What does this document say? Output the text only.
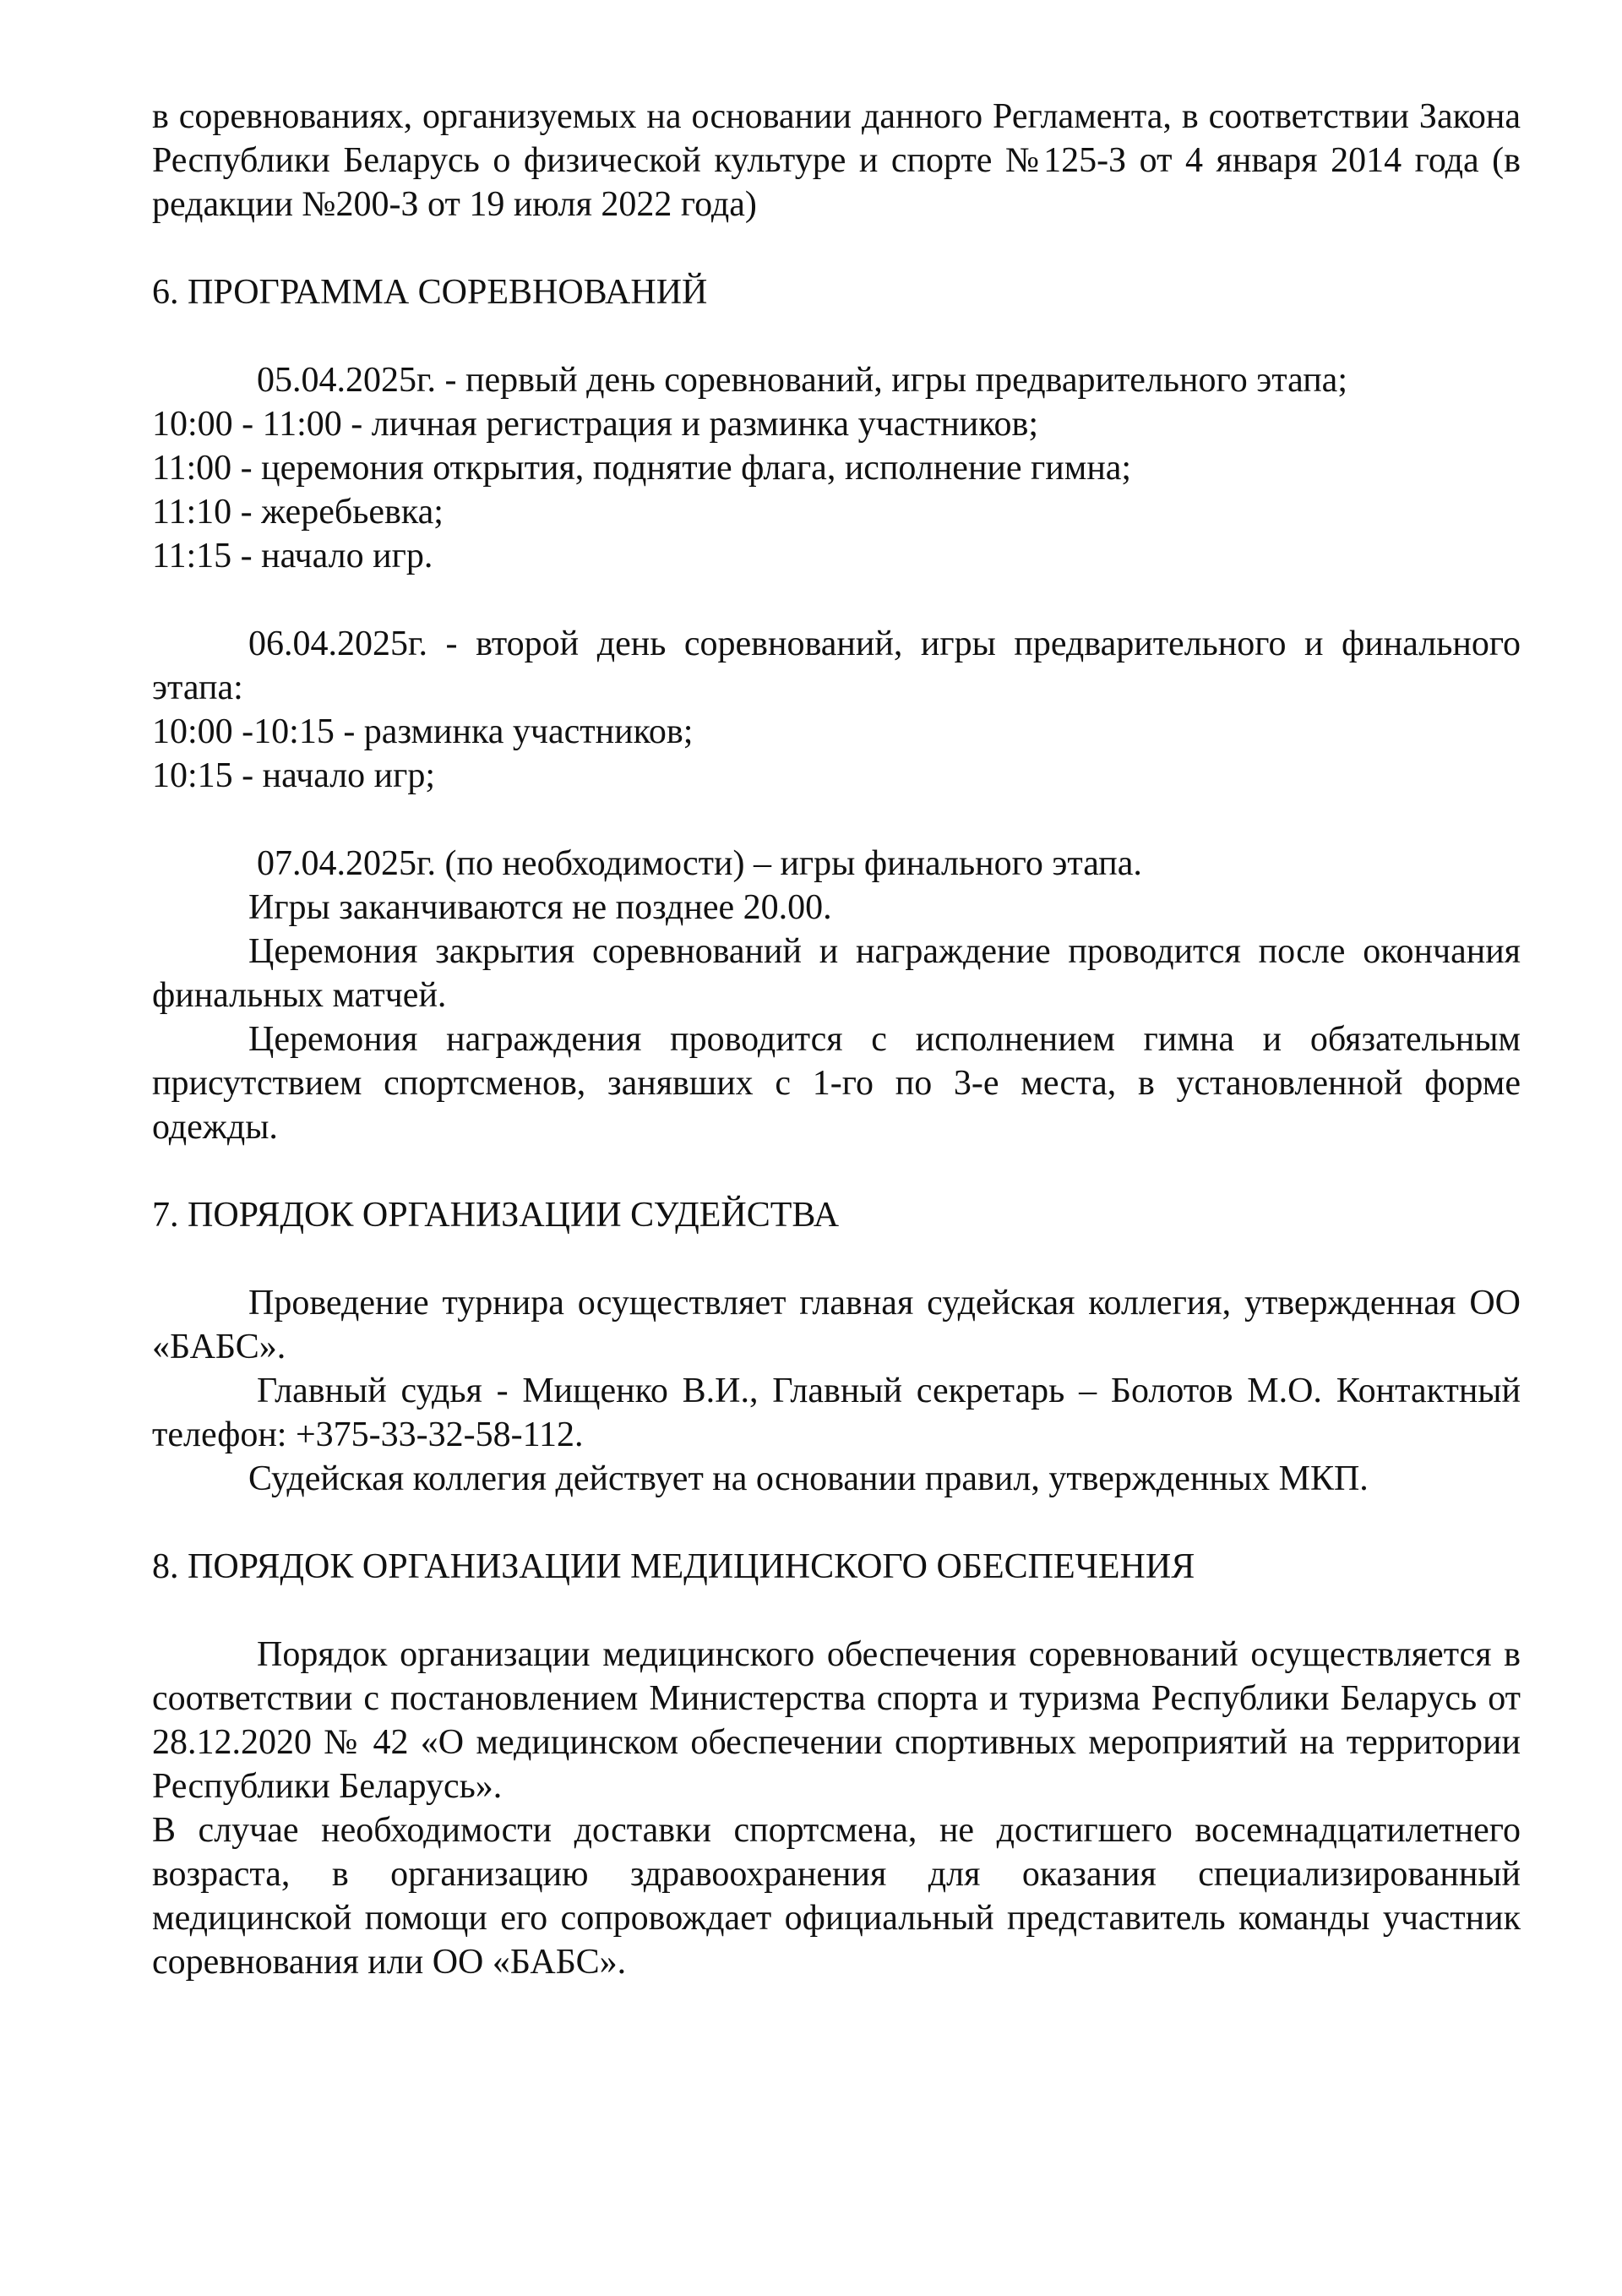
в соревнованиях, организуемых на основании данного Регламента, в соответствии Закона Республики Беларусь о физической культуре и спорте №125-З от 4 января 2014 года (в редакции №200-З от 19 июля 2022 года)

6. ПРОГРАММА СОРЕВНОВАНИЙ

05.04.2025г. - первый день соревнований, игры предварительного этапа;

10:00 - 11:00 - личная регистрация и разминка участников;

11:00 - церемония открытия, поднятие флага, исполнение гимна;

11:10 - жеребьевка;

11:15 - начало игр.

06.04.2025г. - второй день соревнований, игры предварительного и финального этапа:

10:00 -10:15 - разминка участников;

10:15 - начало игр;

07.04.2025г. (по необходимости) – игры финального этапа.

Игры заканчиваются не позднее 20.00.

Церемония закрытия соревнований и награждение проводится после окончания финальных матчей.

Церемония награждения проводится с исполнением гимна и обязательным присутствием спортсменов, занявших с 1-го по 3-е места, в установленной форме одежды.

7. ПОРЯДОК ОРГАНИЗАЦИИ СУДЕЙСТВА

Проведение турнира осуществляет главная судейская коллегия, утвержденная ОО «БАБС».

Главный судья - Мищенко В.И., Главный секретарь – Болотов М.О. Контактный телефон: +375-33-32-58-112.

Судейская коллегия действует на основании правил, утвержденных МКП.

8. ПОРЯДОК ОРГАНИЗАЦИИ МЕДИЦИНСКОГО ОБЕСПЕЧЕНИЯ

Порядок организации медицинского обеспечения соревнований осуществляется в соответствии с постановлением Министерства спорта и туризма Республики Беларусь от 28.12.2020 № 42 «О медицинском обеспечении спортивных мероприятий на территории Республики Беларусь».

В случае необходимости доставки спортсмена, не достигшего восемнадцатилетнего возраста, в организацию здравоохранения для оказания специализированный медицинской помощи его сопровождает официальный представитель команды участник соревнования или ОО «БАБС».
